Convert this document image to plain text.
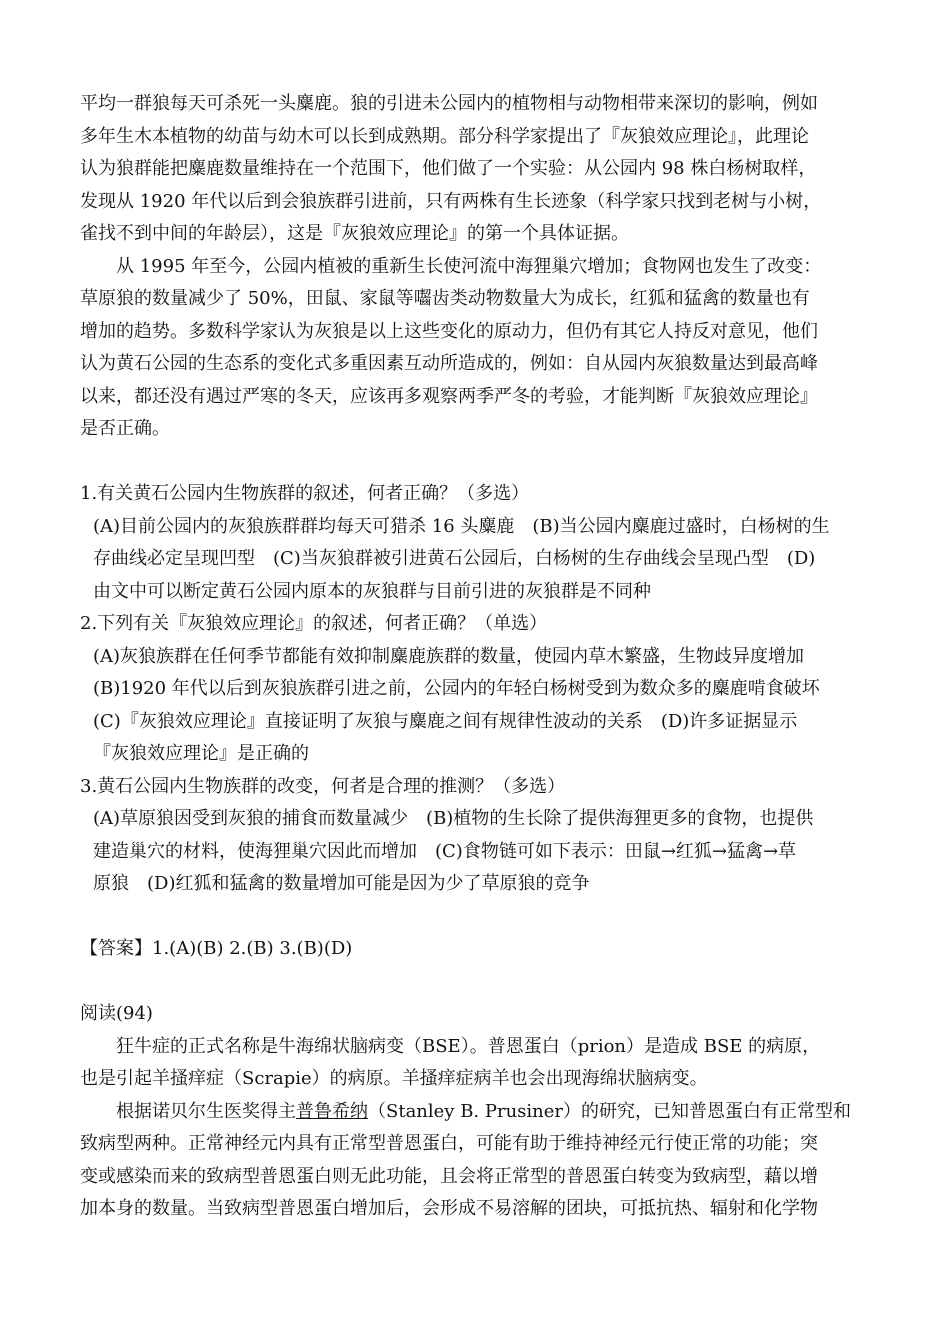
平均一群狼每天可杀死一头麋鹿。狼的引进未公园内的植物相与动物相带来深切的影响，例如
多年生木本植物的幼苗与幼木可以长到成熟期。部分科学家提出了『灰狼效应理论』，此理论
认为狼群能把麋鹿数量维持在一个范围下，他们做了一个实验：从公园内 98 株白杨树取样，
发现从 1920 年代以后到会狼族群引进前，只有两株有生长迹象（科学家只找到老树与小树，
雀找不到中间的年龄层），这是『灰狼效应理论』的第一个具体证据。
从 1995 年至今，公园内植被的重新生长使河流中海狸巢穴增加；食物网也发生了改变：
草原狼的数量减少了 50%，田鼠、家鼠等囓齿类动物数量大为成长，红狐和猛禽的数量也有
增加的趋势。多数科学家认为灰狼是以上这些变化的原动力，但仍有其它人持反对意见，他们
认为黄石公园的生态系的变化式多重因素互动所造成的，例如：自从园内灰狼数量达到最高峰
以来，都还没有遇过严寒的冬天，应该再多观察两季严冬的考验，才能判断『灰狼效应理论』
是否正确。
1.有关黄石公园内生物族群的叙述，何者正确？（多选）
(A)目前公园内的灰狼族群群均每天可猎杀 16 头麋鹿　(B)当公园内麋鹿过盛时，白杨树的生
存曲线必定呈现凹型　(C)当灰狼群被引进黄石公园后，白杨树的生存曲线会呈现凸型　(D)
由文中可以断定黄石公园内原本的灰狼群与目前引进的灰狼群是不同种
2.下列有关『灰狼效应理论』的叙述，何者正确？（单选）
(A)灰狼族群在任何季节都能有效抑制麋鹿族群的数量，使园内草木繁盛，生物歧异度增加
(B)1920 年代以后到灰狼族群引进之前，公园内的年轻白杨树受到为数众多的麋鹿啃食破坏
(C)『灰狼效应理论』直接证明了灰狼与麋鹿之间有规律性波动的关系　(D)许多证据显示
『灰狼效应理论』是正确的
3.黄石公园内生物族群的改变，何者是合理的推测？（多选）
(A)草原狼因受到灰狼的捕食而数量减少　(B)植物的生长除了提供海狸更多的食物，也提供
建造巢穴的材料，使海狸巢穴因此而增加　(C)食物链可如下表示：田鼠→红狐→猛禽→草
原狼　(D)红狐和猛禽的数量增加可能是因为少了草原狼的竞争
【答案】1.(A)(B) 2.(B) 3.(B)(D)
阅读(94)
狂牛症的正式名称是牛海绵状脑病变（BSE）。普恩蛋白（prion）是造成 BSE 的病原，
也是引起羊搔痒症（Scrapie）的病原。羊搔痒症病羊也会出现海绵状脑病变。
根据诺贝尔生医奖得主普鲁希纳（Stanley B. Prusiner）的研究，已知普恩蛋白有正常型和
致病型两种。正常神经元内具有正常型普恩蛋白，可能有助于维持神经元行使正常的功能；突
变或感染而来的致病型普恩蛋白则无此功能，且会将正常型的普恩蛋白转变为致病型，藉以增
加本身的数量。当致病型普恩蛋白增加后，会形成不易溶解的团块，可抵抗热、辐射和化学物
